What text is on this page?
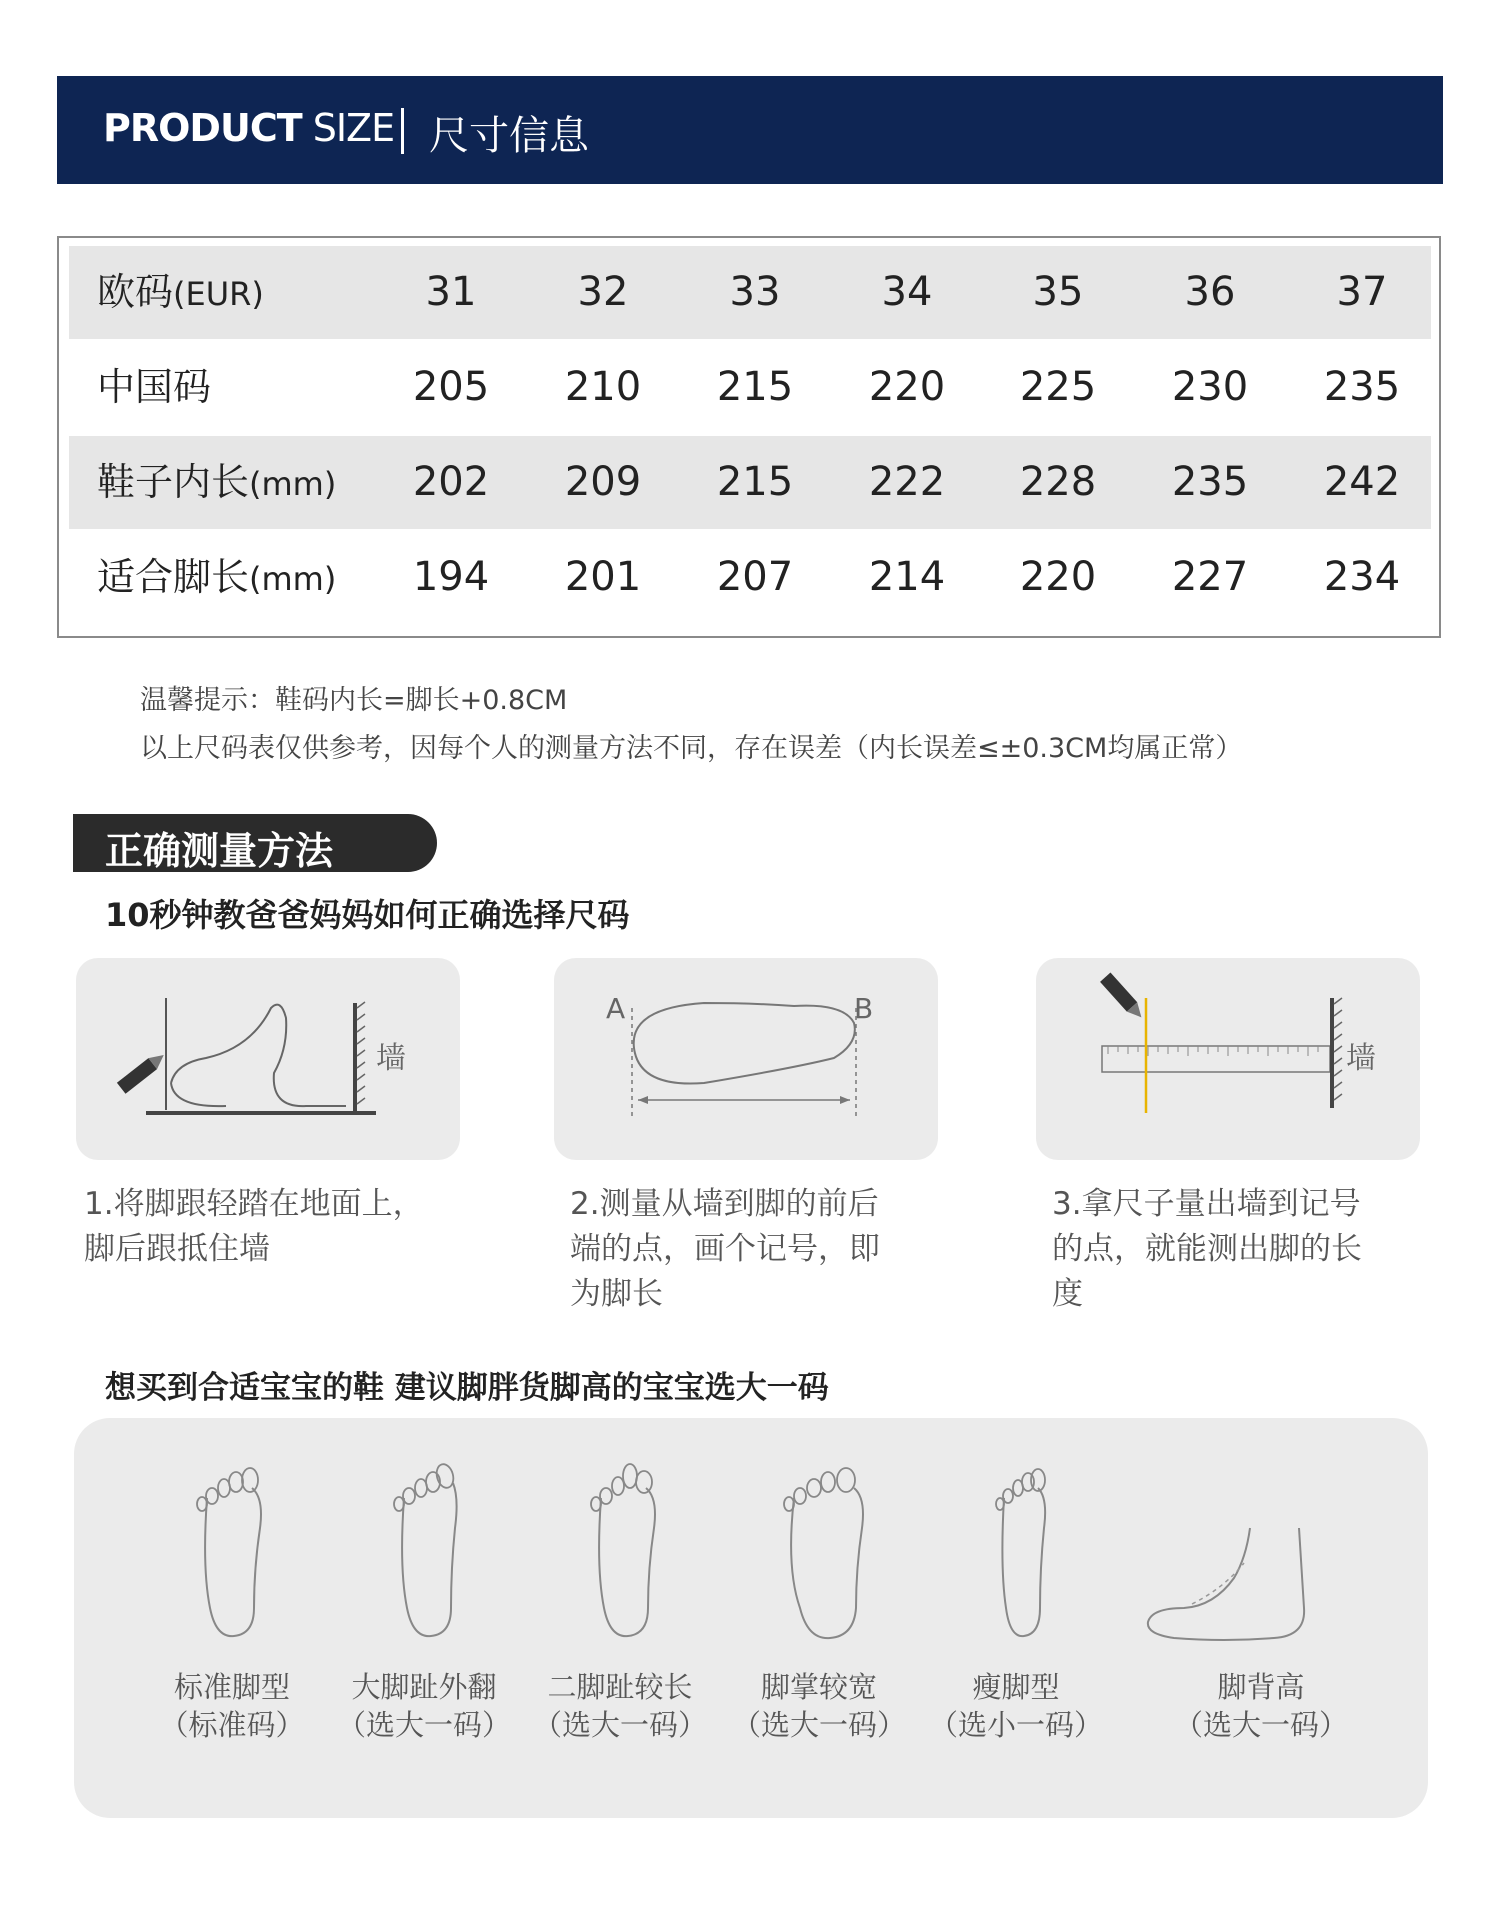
PRODUCT SIZE 尺寸信息
欧码(EUR)	31	32	33	34	35	36	37
中国码	205	210	215	220	225	230	235
鞋子内长(mm)	202	209	215	222	228	235	242
适合脚长(mm)	194	201	207	214	220	227	234
温馨提示：鞋码内长=脚长+0.8CM
以上尺码表仅供参考，因每个人的测量方法不同，存在误差（内长误差≤±0.3CM均属正常）
正确测量方法
10秒钟教爸爸妈妈如何正确选择尺码
墙
1.将脚跟轻踏在地面上，
脚后跟抵住墙
A	B
2.测量从墙到脚的前后
端的点，画个记号，即
为脚长
墙
3.拿尺子量出墙到记号
的点，就能测出脚的长
度
想买到合适宝宝的鞋 建议脚胖货脚高的宝宝选大一码
标准脚型
（标准码）
大脚趾外翻
（选大一码）
二脚趾较长
（选大一码）
脚掌较宽
（选大一码）
瘦脚型
（选小一码）
脚背高
（选大一码）
